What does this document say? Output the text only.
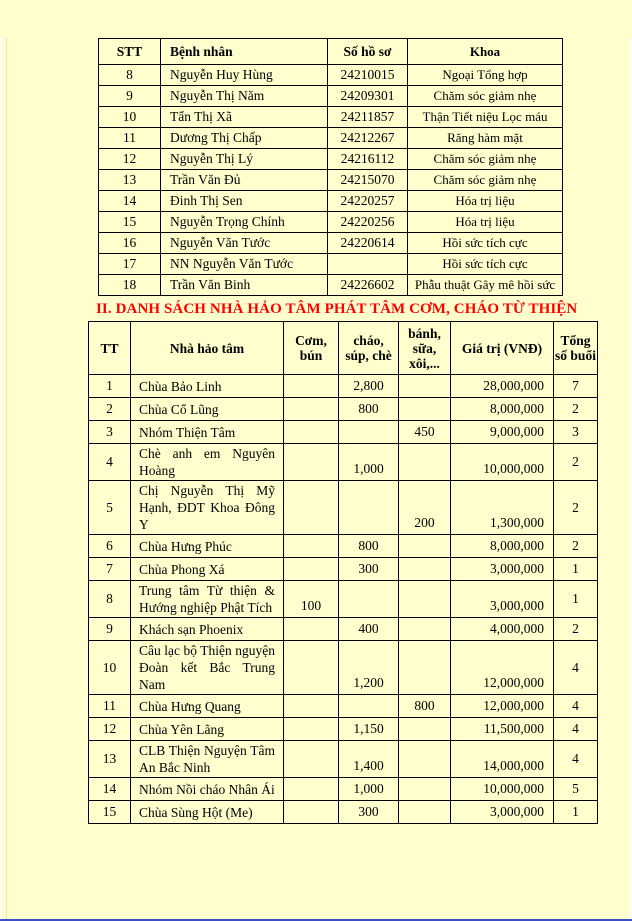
STT	Bệnh nhân	Số hồ sơ	Khoa
8	Nguyễn Huy Hùng	24210015	Ngoại Tổng hợp
9	Nguyễn Thị Năm	24209301	Chăm sóc giảm nhẹ
10	Tẩn Thị Xã	24211857	Thận Tiết niệu Lọc máu
11	Dương Thị Chấp	24212267	Răng hàm mặt
12	Nguyễn Thị Lý	24216112	Chăm sóc giảm nhẹ
13	Trần Văn Đủ	24215070	Chăm sóc giảm nhẹ
14	Đinh Thị Sen	24220257	Hóa trị liệu
15	Nguyễn Trọng Chính	24220256	Hóa trị liệu
16	Nguyễn Văn Tước	24220614	Hồi sức tích cực
17	NN Nguyễn Văn Tước		Hồi sức tích cực
18	Trần Văn Binh	24226602	Phẫu thuật Gây mê hồi sức
II. DANH SÁCH NHÀ HẢO TÂM PHÁT TÂM CƠM, CHÁO TỪ THIỆN
TT	Nhà hảo tâm	Cơm, bún	cháo, súp, chè	bánh, sữa, xôi,...	Giá trị (VNĐ)	Tổng số buổi
1	Chùa Bảo Linh		2,800		28,000,000	7
2	Chùa Cổ Lũng		800		8,000,000	2
3	Nhóm Thiện Tâm			450	9,000,000	3
4	Chè anh em Nguyên Hoàng		1,000		10,000,000	2
5	Chị Nguyễn Thị Mỹ Hạnh, ĐDT Khoa Đông Y			200	1,300,000	2
6	Chùa Hưng Phúc		800		8,000,000	2
7	Chùa Phong Xá		300		3,000,000	1
8	Trung tâm Từ thiện & Hướng nghiệp Phật Tích	100			3,000,000	1
9	Khách sạn Phoenix		400		4,000,000	2
10	Câu lạc bộ Thiện nguyện Đoàn kết Bắc Trung Nam		1,200		12,000,000	4
11	Chùa Hưng Quang			800	12,000,000	4
12	Chùa Yên Lãng		1,150		11,500,000	4
13	CLB Thiện Nguyện Tâm An Bắc Ninh		1,400		14,000,000	4
14	Nhóm Nồi cháo Nhân Ái		1,000		10,000,000	5
15	Chùa Sùng Hột (Me)		300		3,000,000	1
